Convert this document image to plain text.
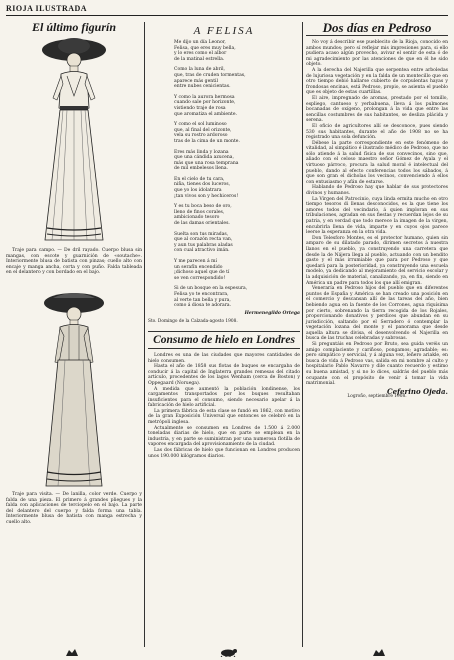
RIOJA ILUSTRADA
El último figurín

Traje para campo. — De dril rayado. Cuerpo blusa sin mangas, con escote y guarnición de «soutache». Interiormente blusa de batista con pinzas; cuello alto con encaje y manga ancha, corta y con puño. Falda tableada en el delantero y con bordado en el bajo.

Traje para visita. — De lanilla, color verde. Cuerpo y falda de una pieza. El primero á grandes pliegues y la falda con aplicaciones de terciopelo en el bajo. La parte del delantero del cuerpo y falda forma una tabla. Interiormente blusa de batista con manga estrecha y cuello alto.

A FELISA
Me dijo un día Leonor,
Felisa, que eres muy bella,
y lo eres como el albor
de la matinal estrella.
Como la luna de abril,
que, tras de cruden tormentas,
aparece más gentil
entre nubes cenicientas.
Y como la aurora hermosa
cuando sale por horizonte,
vistiendo traje de rosa
que aromatiza el ambiente.
Y como el sol luminoso
que, al final del orizonte,
vela su rostro ardoroso
tras de la cima de un monte.
Eres más linda y lozana
que una cándida azucena,
más que una rosa temprana
de mil embelesos llena.
En el cielo de tu cara,
niña, tienes dos luceros,
que yo los idolatrara
¡tan vivos son y hechiceros!
Y es tu boca beso de oro,
lleno de finos corales,
ambicionado tesoro
de las damas orientales.
Suelta son tus miradas,
que al corazón recta van,
y aun tus palabras aladas
con cual atractivo imán.
Y me parecen á mí
un serafín encendido
¡dichoso aquel que de tí
se ven correspondido!
Si de un bosque en la espesura,
Felisa yo te encontrara,
al verte tan bella y pura,
como á diosa te adorara.
Hermenegildo Ortega
Sto. Domingo de la Calzada-agosto 1908.
Consumo de hielo en Londres

Londres es una de las ciudades que mayores cantidades de hielo consumen.

Hasta el año de 1858 sus flotas de buques se encargaba de conducir á la capital de Inglaterra grandes remesas del citado artículo, procedentes de los lagos Wenham (cerca de Boston) y Oppegaard (Noruega).

A medida que aumentó la población londinense, los cargamentos transportados por los buques resultaban insuficientes para el consumo, siendo necesario apelar á la fabricación de hielo artificial.

La primera fábrica de esta clase se fundó en 1862, con motivo de la gran Exposición Universal que entonces se celebró en la metrópoli inglesa.

Actualmente se consumen en Londres de 1.500 á 2.000 toneladas diarias de hielo, que en parte se emplean en la industria, y en parte se suministran por una numerosa flotilla de vapores encargada del aprovisionamiento de la ciudad.

Las dos fábricas de hielo que funcionan en Londres producen unos 190.000 kilógramos diarios.

Dos días en Pedroso

No voy á describir ese pueblecito de la Rioja, conocido en ambos mundos; pero sí reflejar mis impresiones para, si ello pudiera acaso algún provecho, avivar el sentir de esta ó de mi agradecimiento por las atenciones de que en él he sido objeto.

A la derecha del Najerilla que serpentea entre arboledas de lujuriosa vegetación y en la falda de un montecillo que en otro tiempo debió hallarse cubierto de corpulentas hayas y frondosas encinas, está Pedroso, propio, se asienta el pueblo que es objeto de estas cuartillas.

El aire, impregnado de aromas, prestado por el tomillo, espliego, cantueso y yerbabuena, lleva á los pulmones bocanadas de oxígeno, prolongan á la vida que entre las sencillas costumbres de sus habitantes, se desliza plácida y serena.

El oficio de agricultores allí se desconoce, pues siendo 530 sus habitantes, durante el año de 1908 no se ha registrado una sola defunción.

Débese la parte correspondiente en este fenómeno de vitalidad, al simpático é ilustrado médico de Pedroso, que no sólo atiende á la salud física de sus convecinos, sino que, aliado con el celoso maestro señor Gómez de Ayala y el virtuoso párroco, procura la salud moral é intelectual del pueblo, dando al efecto conferencias todos los sábados, á que son gran el dicholas los vecinos, convenciendo á ellos con entusiasmo y afán de estarse.

Hablando de Pedroso hay que hablar de sus protectores divinos y humanos.

La Virgen del Patrocinio, cuya linda ermita mucho en otro tiempo tesoros di llenas desconocidos, es la que tiene los amores todos del vecindario, á quien imploran en sus tribulaciones, agradan en sus fiestas y recuerdan lejos de su patria, y en verdad que todo merece la imagen de la virgen, encubrirla llena de vida, imparte y en cuyos ojos parece leerse la esperanza en la otra vida.

Don Telesforo Montes, es el protector humano, quien sin amparo de su dilatado parado, dirimen secretos á nuestra llanos en el pueblo, ya construyendo una carretera que desde la de Nájera llega al pueblo, actuando con un bendito gasto y el más irrumiable que para por Pedroso y que quedará para la posterioridad, ya construyendo una escuela modelo, ya dedicando al mejoramiento del servicio escolar y la adquisición de material, canalizando, ya, en fin, siendo en América un padre para todos los que allí emigran.

Veneraría en Pedroso hijos del pueblo que en diferentes puntos de España y América se han creado una posición en el comercio y descansan allí de las tareas del año, bien bebiendo agua en la fuente de los Corrones, agua riquísima por cierto, sobrenando la tierra recogida de los Rojales, proporcionando donativos y perdices que abundan en su jurisdicción, saltando por el Serradero ó contemplar la vegetación lozana del monte y el panorama que desde aquella altura se divisa, el desenvolvendo el Najerilla en busca de las truchas celebradas y sabrosas.

Si preguntáis en Pedroso por Bruto, sea guida veréis un amigo complaciente y cariñoso, pongamos; agradable; es: pero simpático y servicial, y á alguna vez, leñero ariakle, en busca de vida á Pedroso vas, salida en mi nombre al culto y hospitalario Pablo Navarro y dile cuanto recuerdo y estimo su buena amistad, y si no lo dices, saldrás del pueblo más ocupante con el propósito de venir á tomar la vida matrimonial.

Ceferino Ojeda.
Logroño, septiembre 1908.
